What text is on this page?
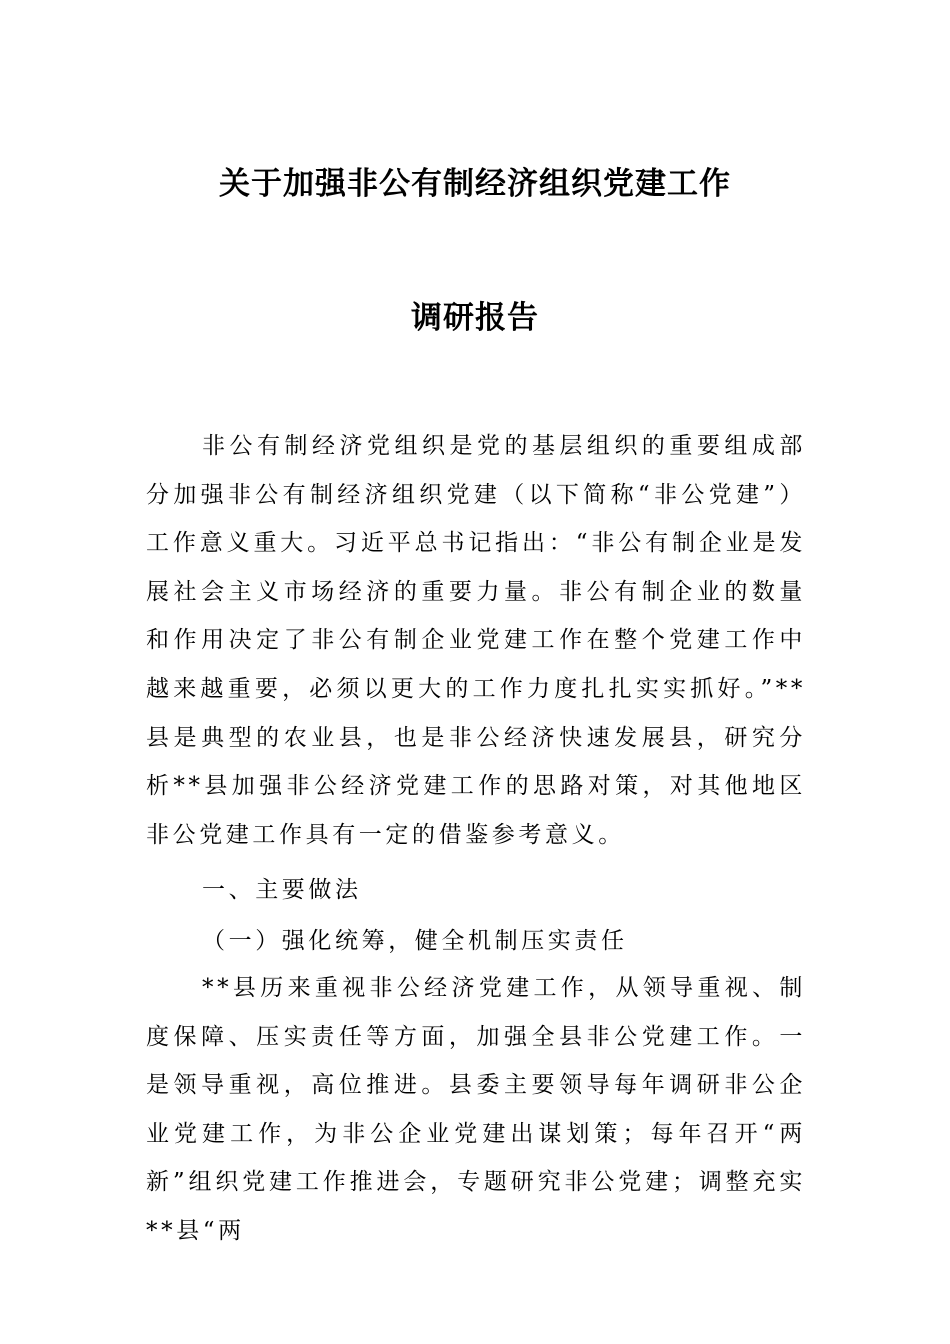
关于加强非公有制经济组织党建工作
调研报告

非公有制经济党组织是党的基层组织的重要组成部分加强非公有制经济组织党建（以下简称“非公党建”）工作意义重大。习近平总书记指出：“非公有制企业是发展社会主义市场经济的重要力量。非公有制企业的数量和作用决定了非公有制企业党建工作在整个党建工作中越来越重要，必须以更大的工作力度扎扎实实抓好。”**县是典型的农业县，也是非公经济快速发展县，研究分析**县加强非公经济党建工作的思路对策，对其他地区非公党建工作具有一定的借鉴参考意义。

一、主要做法

（一）强化统筹，健全机制压实责任

**县历来重视非公经济党建工作，从领导重视、制度保障、压实责任等方面，加强全县非公党建工作。一是领导重视，高位推进。县委主要领导每年调研非公企业党建工作，为非公企业党建出谋划策；每年召开“两新”组织党建工作推进会，专题研究非公党建；调整充实**县“两
